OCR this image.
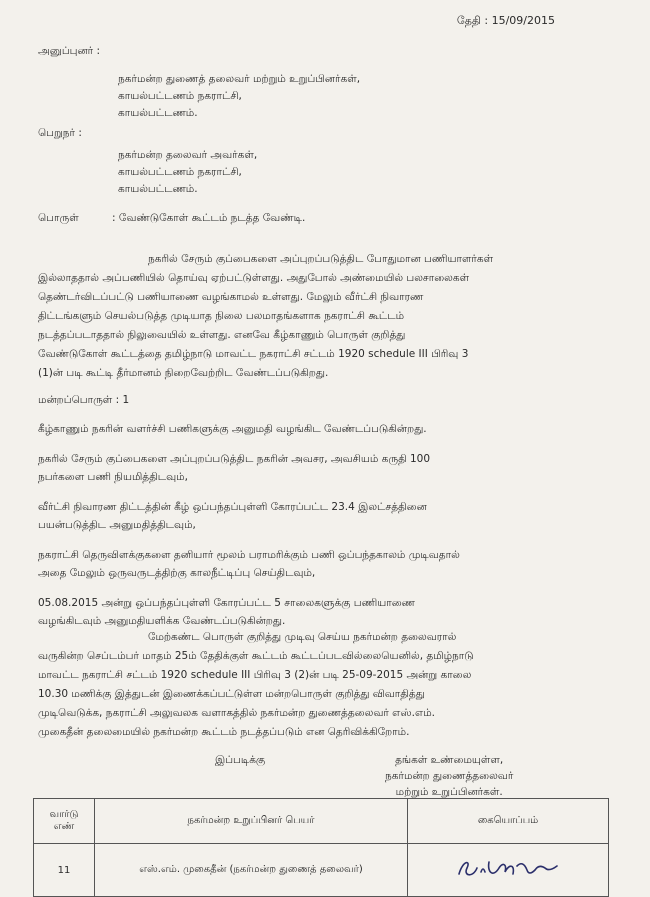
தேதி : 15/09/2015
அனுப்புனர் :
நகர்மன்ற துணைத் தலைவர் மற்றும் உறுப்பினர்கள்,
காயல்பட்டணம் நகராட்சி,
காயல்பட்டணம்.
பெறுநர் :
நகர்மன்ற தலைவர் அவர்கள்,
காயல்பட்டணம் நகராட்சி,
காயல்பட்டணம்.
பொருள்	: வேண்டுகோள் கூட்டம் நடத்த வேண்டி.
நகரில் சேரும் குப்பைகளை அப்புறப்படுத்திட போதுமான பணியாளர்கள்
இல்லாததால் அப்பணியில் தொய்வு ஏற்பட்டுள்ளது. அதுபோல் அண்மையில் பலசாலைகள்
தெண்டர்விடப்பட்டு பணியாணை வழங்காமல் உள்ளது. மேலும் வீர்ட்சி நிவாரண
திட்டங்களும் செயல்படுத்த முடியாத நிலை பலமாதங்களாக நகராட்சி கூட்டம்
நடத்தப்படாததால் நிலுவையில் உள்ளது. எனவே கீழ்காணும் பொருள் குறித்து
வேண்டுகோள் கூட்டத்தை தமிழ்நாடு மாவட்ட நகராட்சி சட்டம் 1920 schedule III பிரிவு 3
(1)ன் படி கூட்டி தீர்மானம் நிறைவேற்றிட வேண்டப்படுகிறது.
மன்றப்பொருள் : 1
கீழ்காணும் நகரின் வளர்ச்சி பணிகளுக்கு அனுமதி வழங்கிட வேண்டப்படுகின்றது.
நகரில் சேரும் குப்பைகளை அப்புறப்படுத்திட நகரின் அவசர, அவசியம் கருதி 100
நபர்களை பணி நியமித்திடவும்,
வீர்ட்சி நிவாரண திட்டத்தின் கீழ் ஒப்பந்தப்புள்ளி கோரப்பட்ட 23.4 இலட்சத்தினை
பயன்படுத்திட அனுமதித்திடவும்,
நகராட்சி தெருவிளக்குகளை தனியார் மூலம் பராமரிக்கும் பணி ஒப்பந்தகாலம் முடிவதால்
அதை மேலும் ஒருவருடத்திற்கு காலநீட்டிப்பு செய்திடவும்,
05.08.2015 அன்று ஒப்பந்தப்புள்ளி கோரப்பட்ட 5 சாலைகளுக்கு பணியாணை
வழங்கிடவும் அனுமதியளிக்க வேண்டப்படுகின்றது.
மேற்கண்ட பொருள் குறித்து முடிவு செய்ய நகர்மன்ற தலைவரால்
வருகின்ற செப்டம்பர் மாதம் 25ம் தேதிக்குள் கூட்டம் கூட்டப்படவில்லையெனில், தமிழ்நாடு
மாவட்ட நகராட்சி சட்டம் 1920 schedule III பிரிவு 3 (2)ன் படி 25-09-2015 அன்று காலை
10.30 மணிக்கு இத்துடன் இணைக்கப்பட்டுள்ள மன்றபொருள் குறித்து விவாதித்து
முடிவெடுக்க, நகராட்சி அலுவலக வளாகத்தில் நகர்மன்ற துணைத்தலைவர் எஸ்.எம்.
முகைதீன் தலைமையில் நகர்மன்ற கூட்டம் நடத்தப்படும் என தெரிவிக்கிறோம்.
இப்படிக்கு	தங்கள் உண்மையுள்ள,
நகர்மன்ற துணைத்தலைவர்
மற்றும் உறுப்பினர்கள்.
வார்டு எண்	நகர்மன்ற உறுப்பினர் பெயர்	கையொப்பம்
11	எஸ்.எம். முகைதீன் (நகர்மன்ற துணைத் தலைவர்)	
